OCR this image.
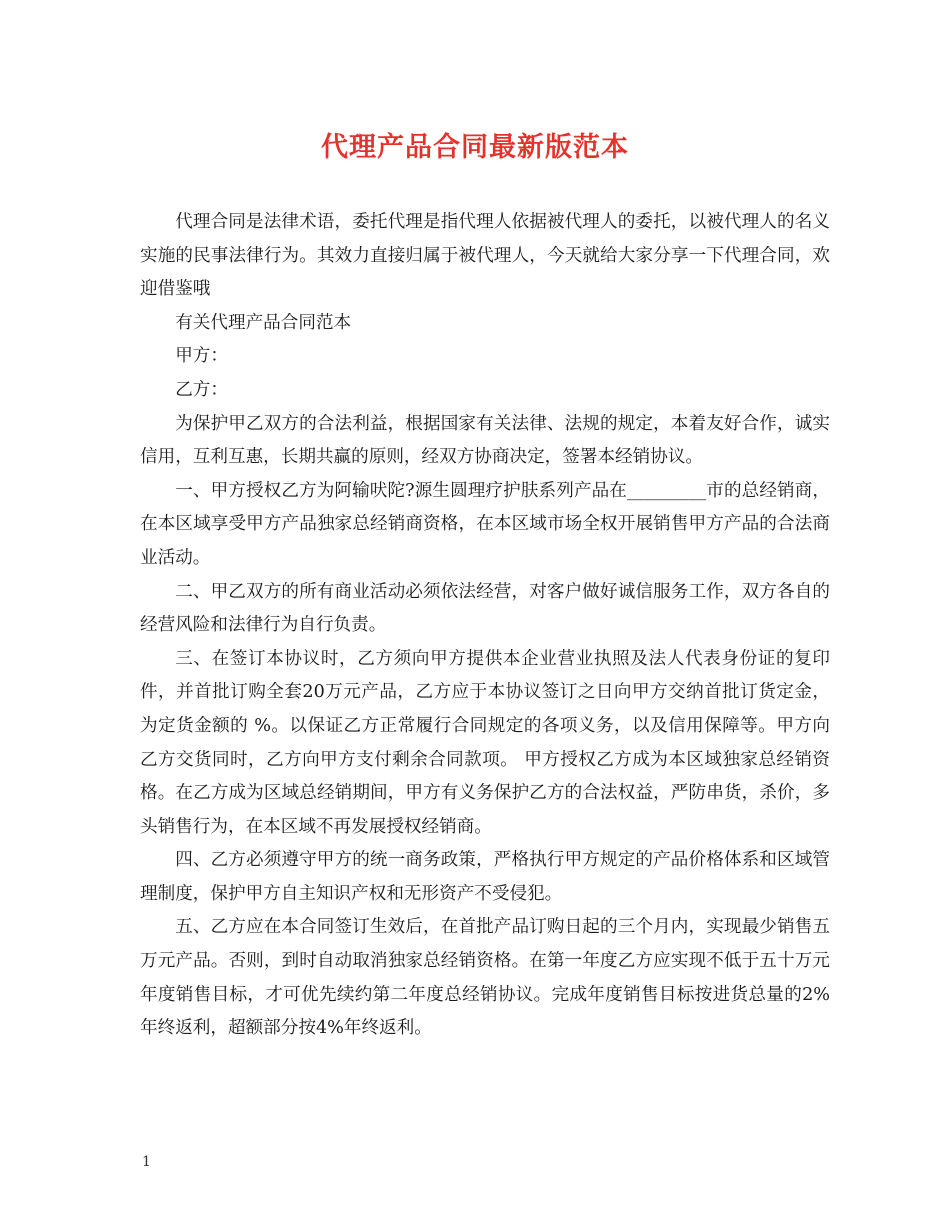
代理产品合同最新版范本

代理合同是法律术语，委托代理是指代理人依据被代理人的委托，以被代理人的名义实施的民事法律行为。其效力直接归属于被代理人，今天就给大家分享一下代理合同，欢迎借鉴哦

有关代理产品合同范本

甲方：

乙方：

为保护甲乙双方的合法利益，根据国家有关法律、法规的规定，本着友好合作，诚实信用，互利互惠，长期共赢的原则，经双方协商决定，签署本经销协议。

一、甲方授权乙方为阿输吠陀?源生圆理疗护肤系列产品在_________市的总经销商，在本区域享受甲方产品独家总经销商资格，在本区域市场全权开展销售甲方产品的合法商业活动。

二、甲乙双方的所有商业活动必须依法经营，对客户做好诚信服务工作，双方各自的经营风险和法律行为自行负责。

三、在签订本协议时，乙方须向甲方提供本企业营业执照及法人代表身份证的复印件，并首批订购全套20万元产品，乙方应于本协议签订之日向甲方交纳首批订货定金，为定货金额的 %。以保证乙方正常履行合同规定的各项义务，以及信用保障等。甲方向乙方交货同时，乙方向甲方支付剩余合同款项。 甲方授权乙方成为本区域独家总经销资格。在乙方成为区域总经销期间，甲方有义务保护乙方的合法权益，严防串货，杀价，多头销售行为，在本区域不再发展授权经销商。

四、乙方必须遵守甲方的统一商务政策，严格执行甲方规定的产品价格体系和区域管理制度，保护甲方自主知识产权和无形资产不受侵犯。

五、乙方应在本合同签订生效后，在首批产品订购日起的三个月内，实现最少销售五万元产品。否则，到时自动取消独家总经销资格。在第一年度乙方应实现不低于五十万元年度销售目标，才可优先续约第二年度总经销协议。完成年度销售目标按进货总量的2%年终返利，超额部分按4%年终返利。

1
